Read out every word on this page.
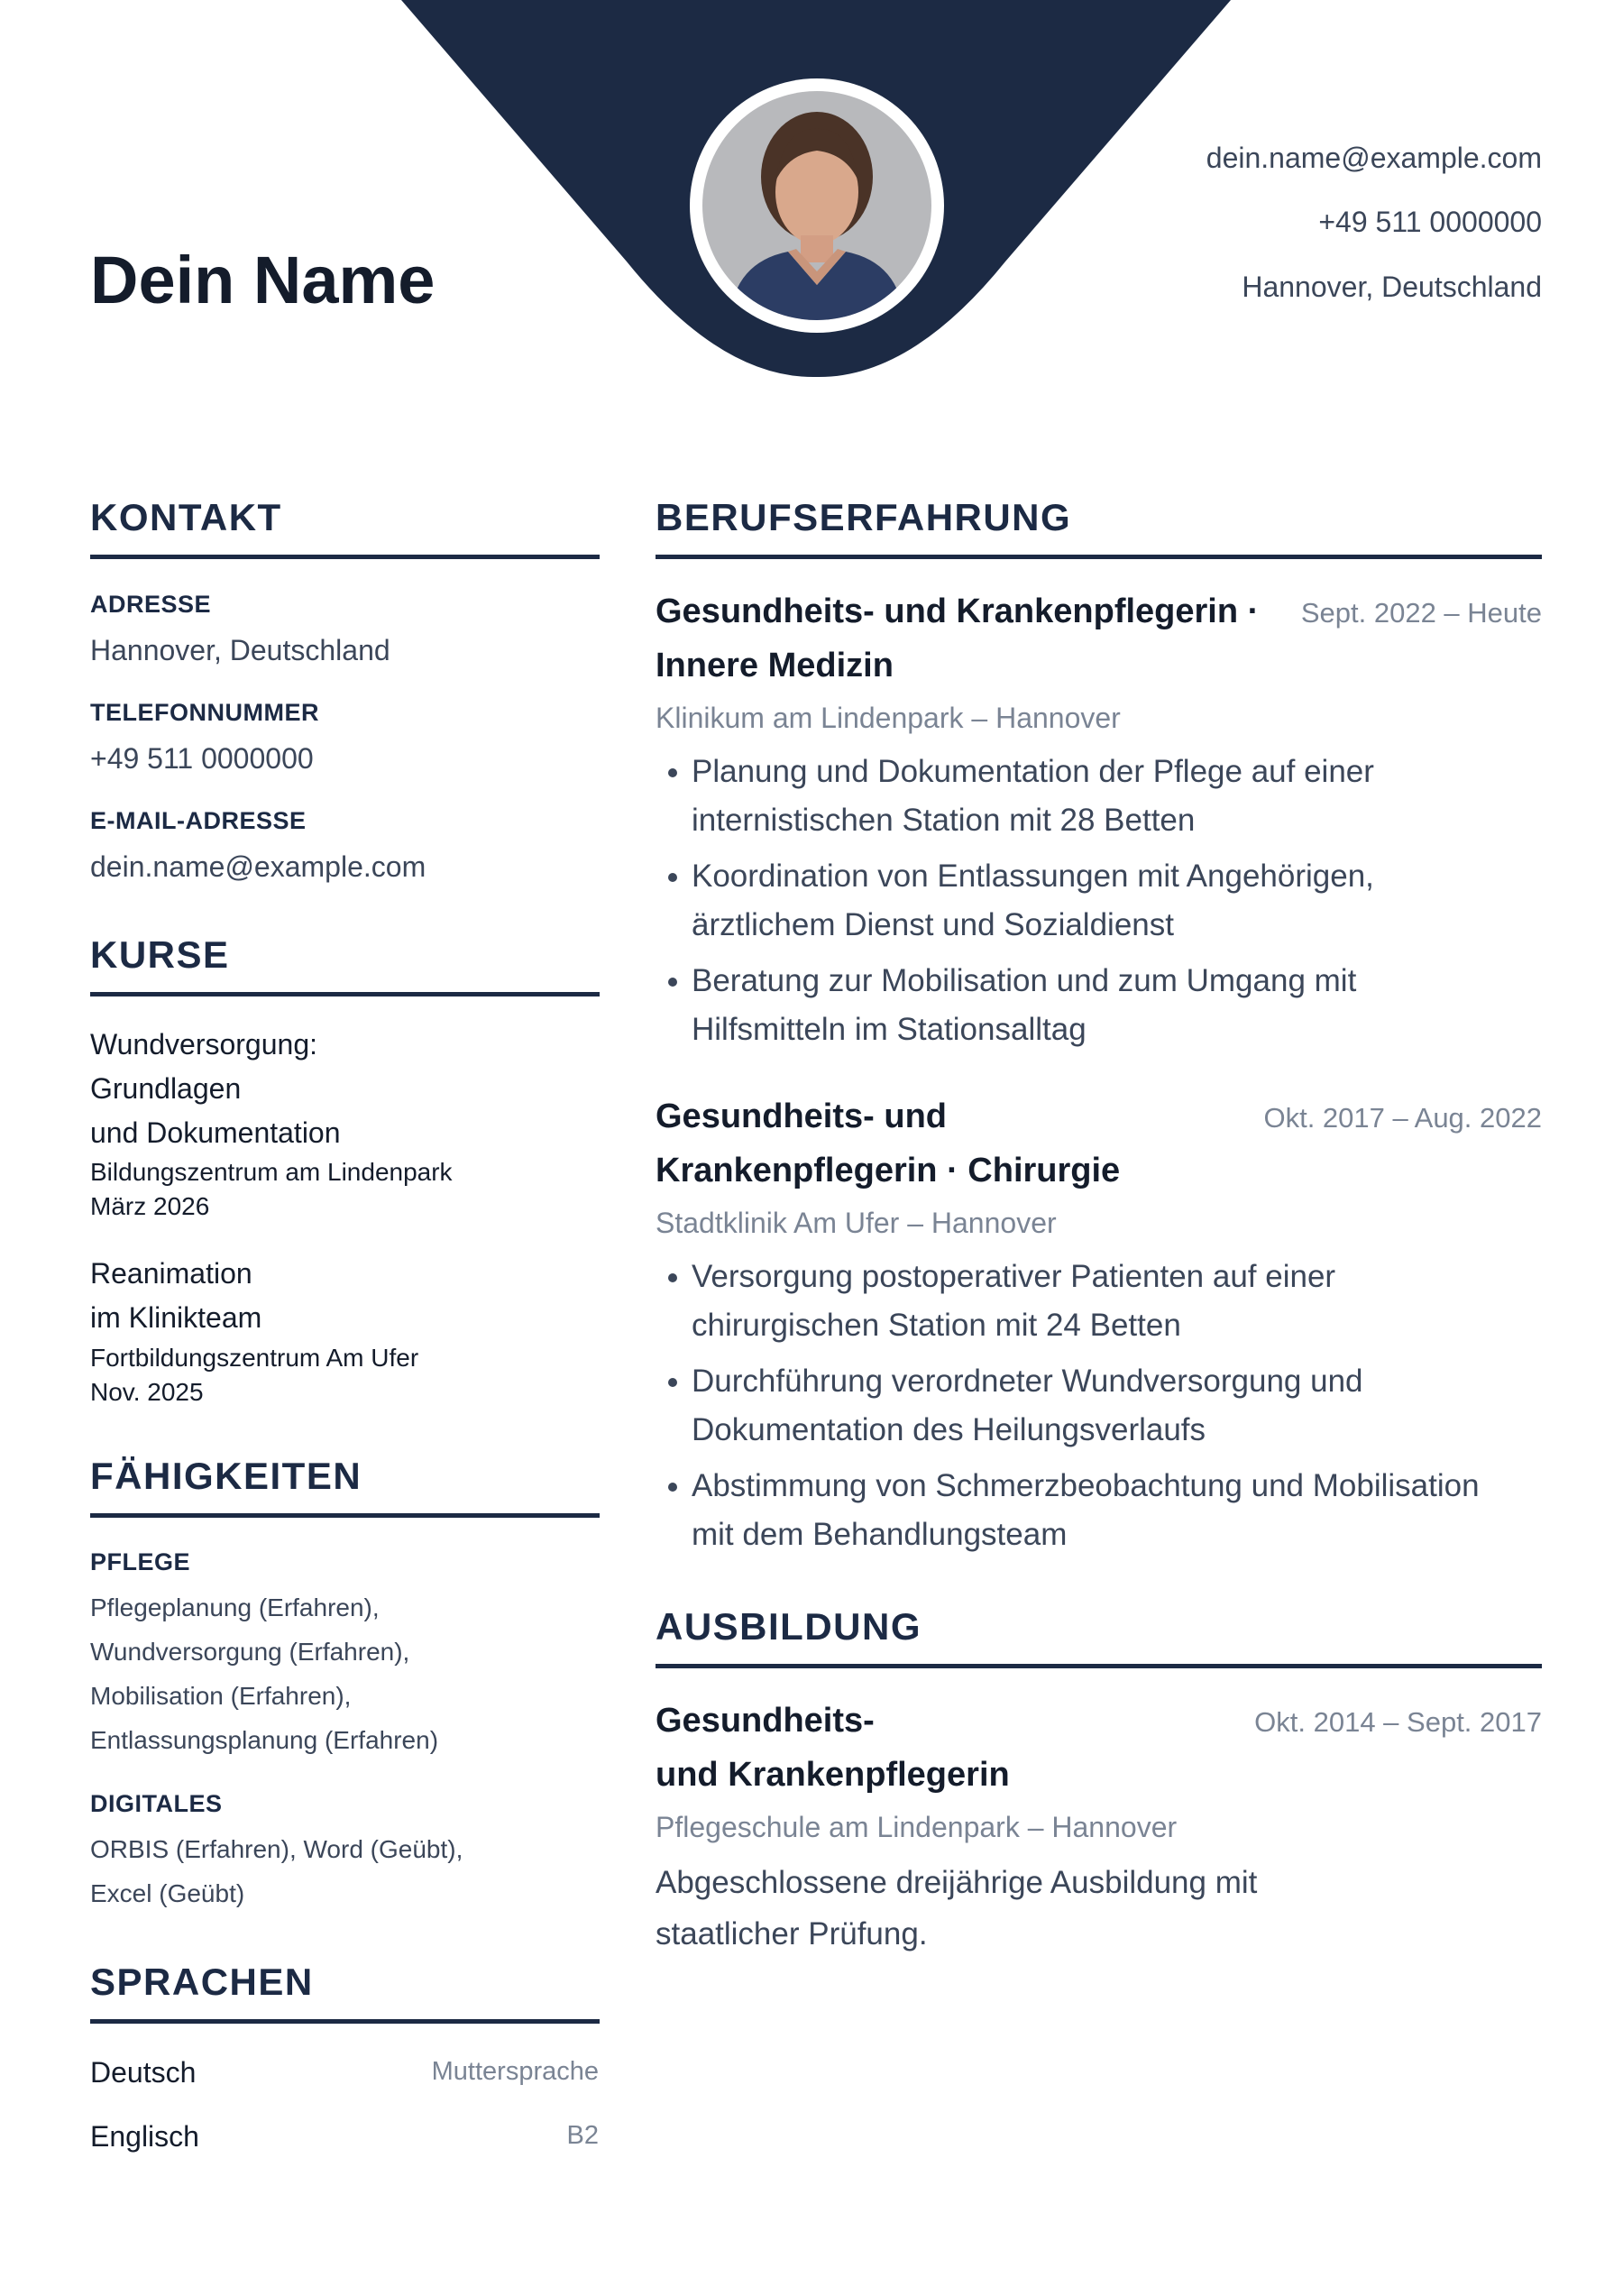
Dein Name
dein.name@example.com
+49 511 0000000
Hannover, Deutschland
KONTAKT
ADRESSE
Hannover, Deutschland
TELEFONNUMMER
+49 511 0000000
E-MAIL-ADRESSE
dein.name@example.com
KURSE
Wundversorgung:
Grundlagen
und Dokumentation
Bildungszentrum am Lindenpark
März 2026
Reanimation
im Klinikteam
Fortbildungszentrum Am Ufer
Nov. 2025
FÄHIGKEITEN
PFLEGE
Pflegeplanung (Erfahren),
Wundversorgung (Erfahren),
Mobilisation (Erfahren),
Entlassungsplanung (Erfahren)
DIGITALES
ORBIS (Erfahren), Word (Geübt),
Excel (Geübt)
SPRACHEN
Deutsch	Muttersprache
Englisch	B2
BERUFSERFAHRUNG
Gesundheits- und Krankenpflegerin ·
Innere Medizin
Sept. 2022 – Heute
Klinikum am Lindenpark – Hannover
Planung und Dokumentation der Pflege auf einer
internistischen Station mit 28 Betten
Koordination von Entlassungen mit Angehörigen,
ärztlichem Dienst und Sozialdienst
Beratung zur Mobilisation und zum Umgang mit
Hilfsmitteln im Stationsalltag
Gesundheits- und
Krankenpflegerin · Chirurgie
Okt. 2017 – Aug. 2022
Stadtklinik Am Ufer – Hannover
Versorgung postoperativer Patienten auf einer
chirurgischen Station mit 24 Betten
Durchführung verordneter Wundversorgung und
Dokumentation des Heilungsverlaufs
Abstimmung von Schmerzbeobachtung und Mobilisation
mit dem Behandlungsteam
AUSBILDUNG
Gesundheits-
und Krankenpflegerin
Okt. 2014 – Sept. 2017
Pflegeschule am Lindenpark – Hannover
Abgeschlossene dreijährige Ausbildung mit
staatlicher Prüfung.
